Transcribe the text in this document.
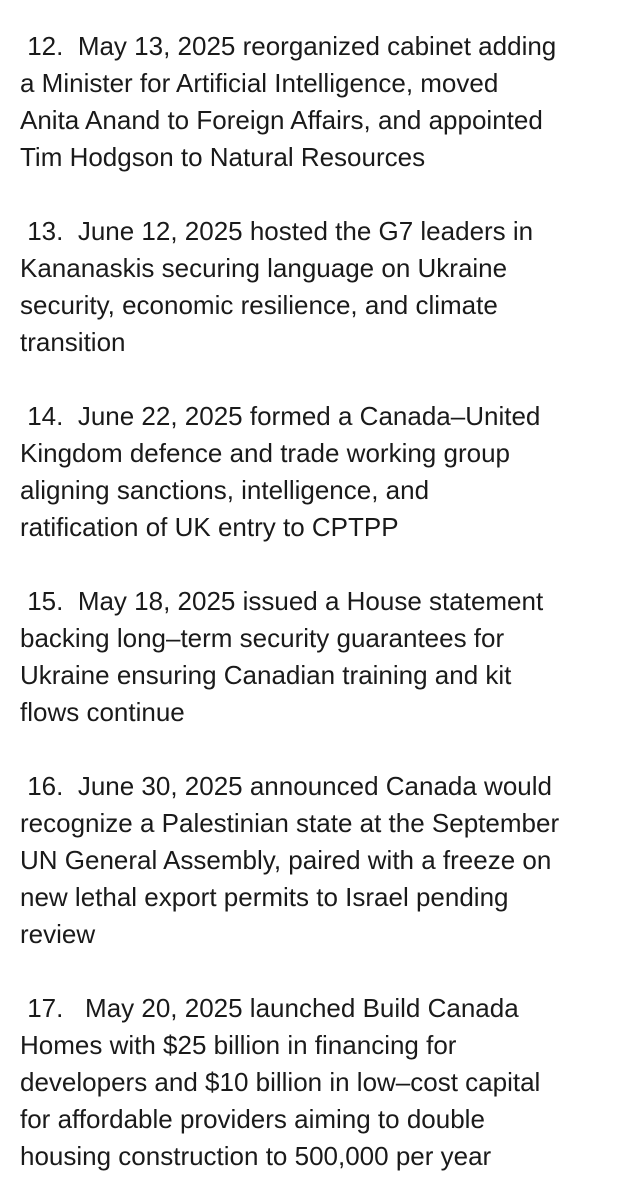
12.  May 13, 2025 reorganized cabinet adding
a Minister for Artificial Intelligence, moved
Anita Anand to Foreign Affairs, and appointed
Tim Hodgson to Natural Resources
13.  June 12, 2025 hosted the G7 leaders in
Kananaskis securing language on Ukraine
security, economic resilience, and climate
transition
14.  June 22, 2025 formed a Canada–United
Kingdom defence and trade working group
aligning sanctions, intelligence, and
ratification of UK entry to CPTPP
15.  May 18, 2025 issued a House statement
backing long–term security guarantees for
Ukraine ensuring Canadian training and kit
flows continue
16.  June 30, 2025 announced Canada would
recognize a Palestinian state at the September
UN General Assembly, paired with a freeze on
new lethal export permits to Israel pending
review
17.   May 20, 2025 launched Build Canada
Homes with $25 billion in financing for
developers and $10 billion in low–cost capital
for affordable providers aiming to double
housing construction to 500,000 per year
